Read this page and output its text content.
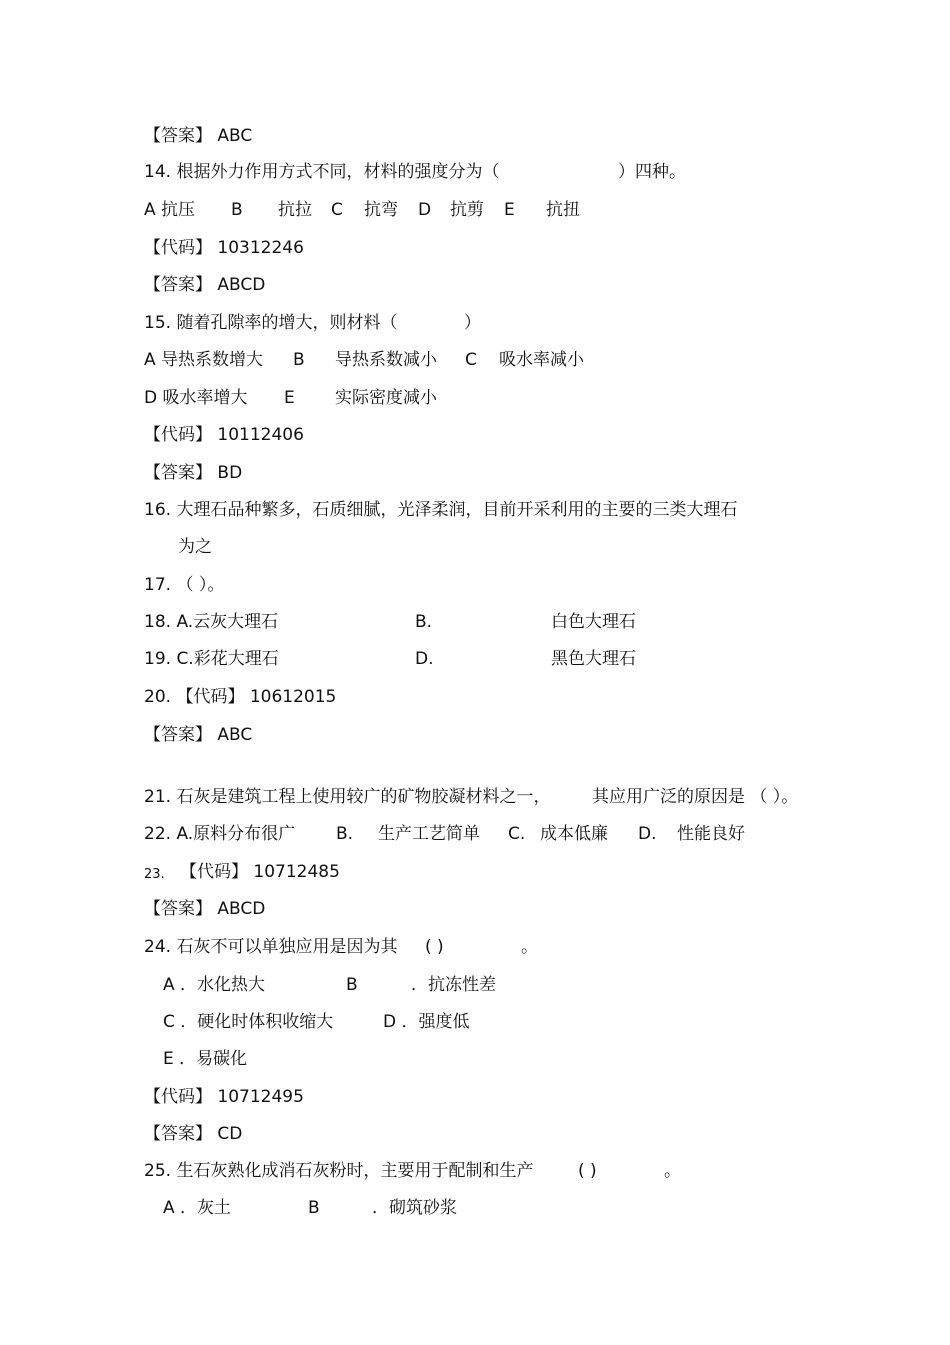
【答案】 ABC
14. 根据外力作用方式不同，材料的强度分为（	）四种。
A 抗压 B 抗拉 C 抗弯 D 抗剪 E 抗扭
【代码】 10312246
【答案】 ABCD
15. 随着孔隙率的增大，则材料（	）
A 导热系数增大 B 导热系数减小 C 吸水率减小
D 吸水率增大 E 实际密度减小
【代码】 10112406
【答案】 BD
16. 大理石品种繁多，石质细腻，光泽柔润，目前开采利用的主要的三类大理石
为之
17. （ ）。
18. A.云灰大理石	B.	白色大理石
19. C.彩花大理石	D.	黑色大理石
20. 【代码】 10612015
【答案】 ABC
21. 石灰是建筑工程上使用较广的矿物胶凝材料之一， 其应用广泛的原因是 （ ）。
22. A.原料分布很广 B. 生产工艺简单 C. 成本低廉 D. 性能良好
23. 【代码】 10712485
【答案】 ABCD
24. 石灰不可以单独应用是因为其 ( )	。
A ．水化热大	B	．抗冻性差
C ．硬化时体积收缩大	D ．强度低
E ．易碳化
【代码】 10712495
【答案】 CD
25. 生石灰熟化成消石灰粉时，主要用于配制和生产	( )	。
A ．灰土	B	．砌筑砂浆
